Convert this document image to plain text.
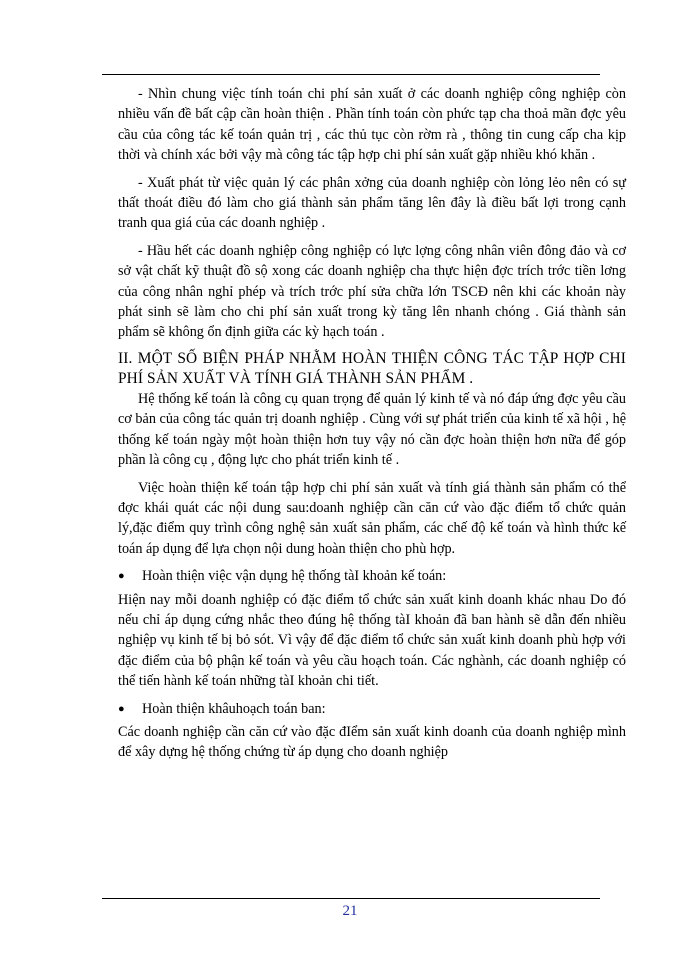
- Nhìn chung việc tính toán chi phí sản xuất ở các doanh nghiệp công nghiệp còn nhiều vấn đề bất cập cần hoàn thiện . Phần tính toán còn phức tạp cha thoả mãn đợc yêu cầu của công tác kế toán quản trị , các thủ tục còn rờm rà , thông tin cung cấp cha kịp thời và chính xác bởi vậy mà công tác tập hợp chi phí sản xuất gặp nhiều khó khăn .

- Xuất phát từ việc quản lý các phân xởng của doanh nghiệp còn lỏng lẻo nên có sự thất thoát điều đó làm cho giá thành sản phẩm tăng lên đây là điều bất lợi trong cạnh tranh qua giá của các doanh nghiệp .

- Hầu hết các doanh nghiệp công nghiệp có lực lợng công nhân viên đông đảo và cơ sở vật chất kỹ thuật đồ sộ xong các doanh nghiệp cha thực hiện đợc trích trớc tiền lơng của công nhân nghỉ phép và trích trớc phí sửa chữa lớn TSCĐ nên khi các khoản này phát sinh sẽ làm cho chi phí sản xuất trong kỳ tăng lên nhanh chóng . Giá thành sản phẩm sẽ không ổn định giữa các kỳ hạch toán .

II. MỘT SỐ BIỆN PHÁP NHẰM HOÀN THIỆN CÔNG TÁC TẬP HỢP CHI PHÍ SẢN XUẤT VÀ TÍNH GIÁ THÀNH SẢN PHẨM .

Hệ thống kế toán là công cụ quan trọng để quản lý kinh tế và nó đáp ứng đợc yêu cầu cơ bản của công tác quản trị doanh nghiệp . Cùng với sự phát triển của kinh tế xã hội , hệ thống kế toán ngày một hoàn thiện hơn tuy vậy nó cần đợc hoàn thiện hơn nữa để góp phần là công cụ , động lực cho phát triển kinh tế .

Việc hoàn thiện kế toán tập hợp chi phí sản xuất và tính giá thành sản phẩm có thể đợc khái quát các nội dung sau:doanh nghiệp cần căn cứ vào đặc điểm tổ chức quản lý,đặc điểm quy trình công nghệ sản xuất sản phẩm, các chế độ kế toán và hình thức kế toán áp dụng để lựa chọn nội dung hoàn thiện cho phù hợp.

●	Hoàn thiện việc vận dụng hệ thống tàI khoản kế toán:

Hiện nay mỗi doanh nghiệp có đặc điểm tổ chức sản xuất kinh doanh khác nhau Do đó nếu chỉ áp dụng cứng nhắc theo đúng hệ thống tàI khoản đã ban hành sẽ dẫn đến nhiều nghiệp vụ kinh tế bị bỏ sót. Vì vậy để đặc điểm tổ chức sản xuất kinh doanh phù hợp với đặc điểm của bộ phận kế toán và yêu cầu hoạch toán. Các nghành, các doanh nghiệp có thể tiến hành kế toán những tàI khoản chi tiết.

●	Hoàn thiện khâuhoạch toán ban:

Các doanh nghiệp cần căn cứ vào đặc đIểm sản xuất kinh doanh của doanh nghiệp mình để xây dựng hệ thống chứng từ áp dụng cho doanh nghiệp

21
